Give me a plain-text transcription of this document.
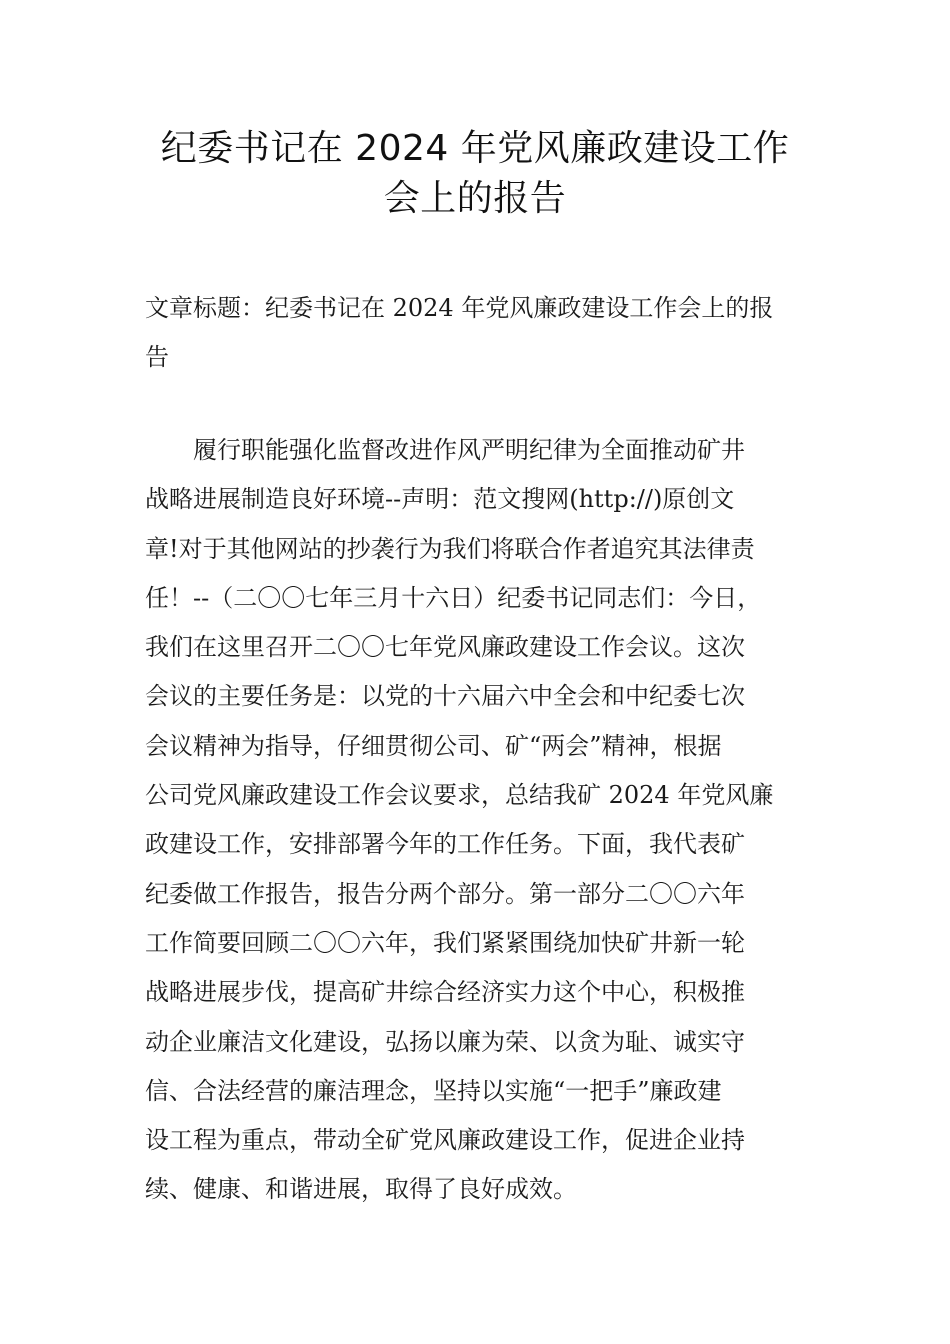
纪委书记在 2024 年党风廉政建设工作
会上的报告

文章标题：纪委书记在 2024 年党风廉政建设工作会上的报
告

　　履行职能强化监督改进作风严明纪律为全面推动矿井
战略进展制造良好环境--声明：范文搜网(http://)原创文
章!对于其他网站的抄袭行为我们将联合作者追究其法律责
任！--（二〇〇七年三月十六日）纪委书记同志们：今日，
我们在这里召开二〇〇七年党风廉政建设工作会议。这次
会议的主要任务是：以党的十六届六中全会和中纪委七次
会议精神为指导，仔细贯彻公司、矿“两会”精神，根据
公司党风廉政建设工作会议要求，总结我矿 2024 年党风廉
政建设工作，安排部署今年的工作任务。下面，我代表矿
纪委做工作报告，报告分两个部分。第一部分二〇〇六年
工作简要回顾二〇〇六年，我们紧紧围绕加快矿井新一轮
战略进展步伐，提高矿井综合经济实力这个中心，积极推
动企业廉洁文化建设，弘扬以廉为荣、以贪为耻、诚实守
信、合法经营的廉洁理念，坚持以实施“一把手”廉政建
设工程为重点，带动全矿党风廉政建设工作，促进企业持
续、健康、和谐进展，取得了良好成效。
